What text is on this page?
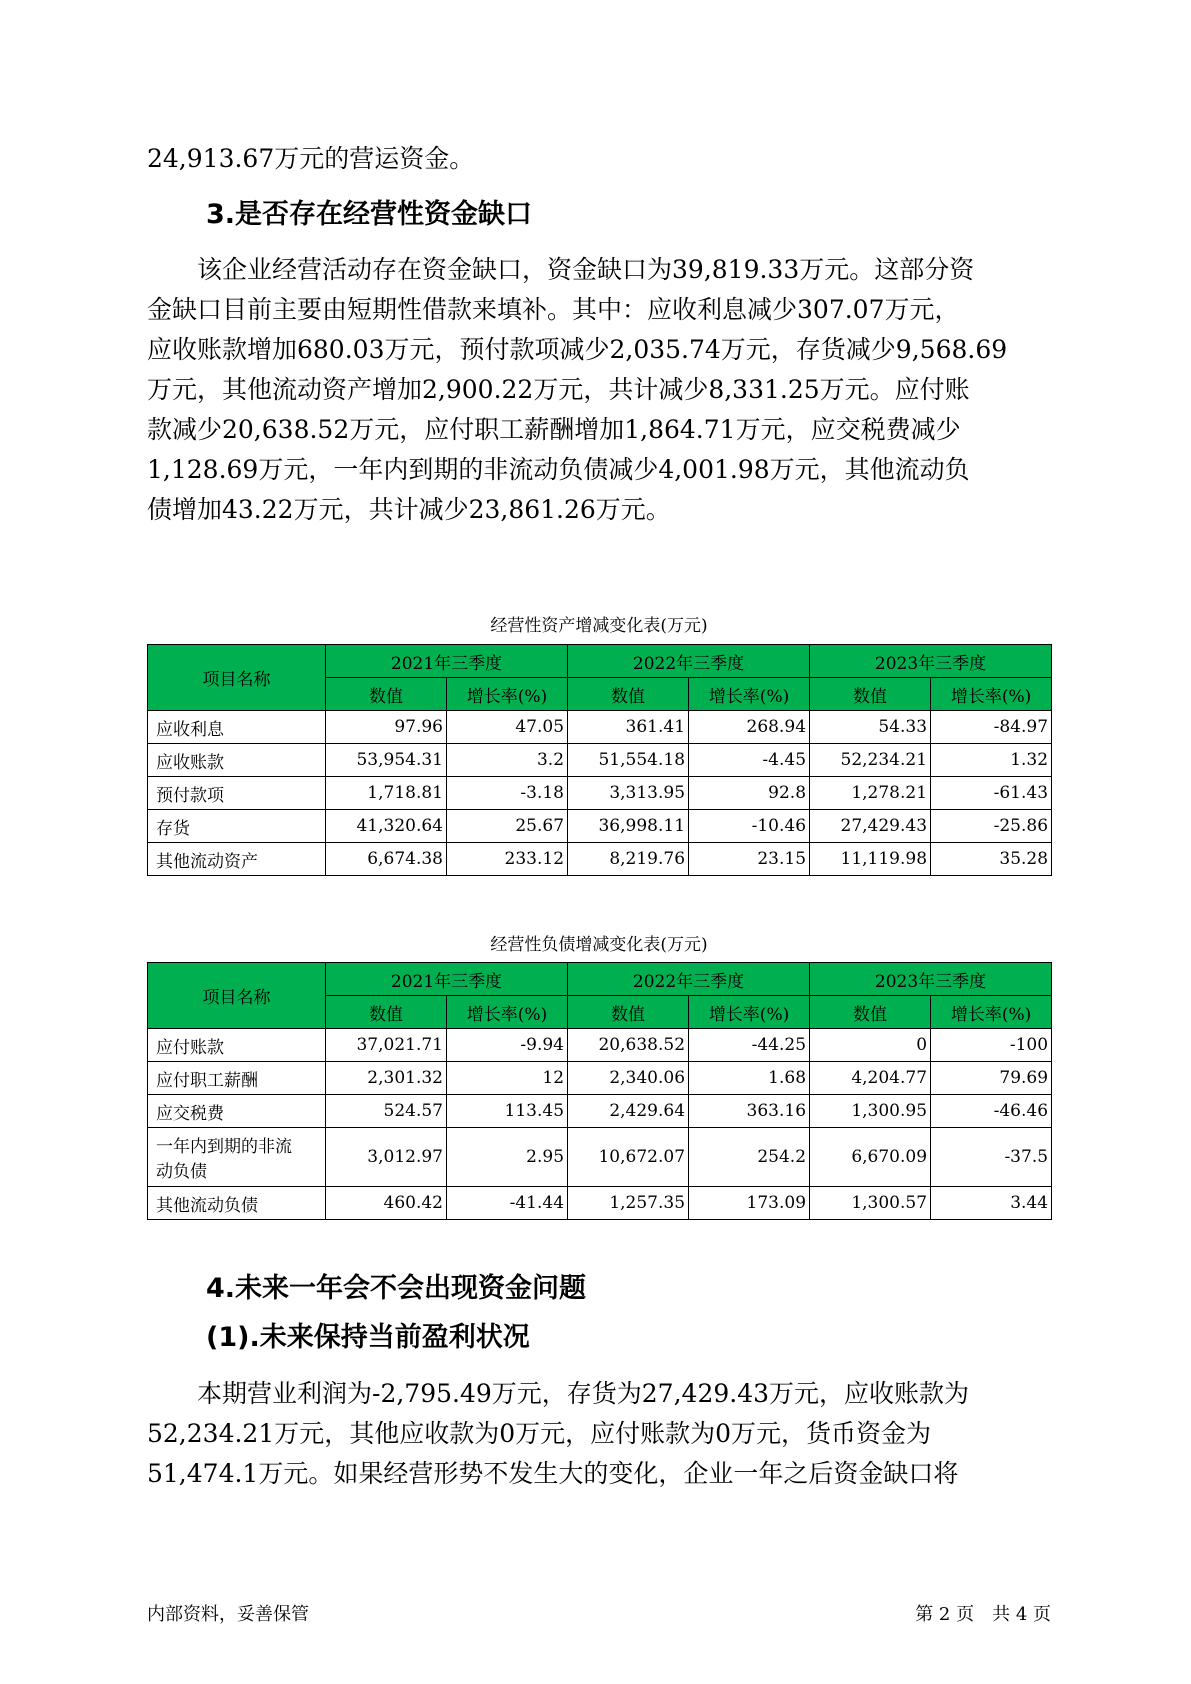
24,913.67万元的营运资金。
3.是否存在经营性资金缺口
　　该企业经营活动存在资金缺口，资金缺口为39,819.33万元。这部分资
金缺口目前主要由短期性借款来填补。其中：应收利息减少307.07万元，
应收账款增加680.03万元，预付款项减少2,035.74万元，存货减少9,568.69
万元，其他流动资产增加2,900.22万元，共计减少8,331.25万元。应付账
款减少20,638.52万元，应付职工薪酬增加1,864.71万元，应交税费减少
1,128.69万元，一年内到期的非流动负债减少4,001.98万元，其他流动负
债增加43.22万元，共计减少23,861.26万元。
经营性资产增减变化表(万元)
项目名称	2021年三季度		2022年三季度		2023年三季度	
	数值	增长率(%)	数值	增长率(%)	数值	增长率(%)
应收利息	97.96	47.05	361.41	268.94	54.33	-84.97
应收账款	53,954.31	3.2	51,554.18	-4.45	52,234.21	1.32
预付款项	1,718.81	-3.18	3,313.95	92.8	1,278.21	-61.43
存货	41,320.64	25.67	36,998.11	-10.46	27,429.43	-25.86
其他流动资产	6,674.38	233.12	8,219.76	23.15	11,119.98	35.28
经营性负债增减变化表(万元)
项目名称	2021年三季度		2022年三季度		2023年三季度	
	数值	增长率(%)	数值	增长率(%)	数值	增长率(%)
应付账款	37,021.71	-9.94	20,638.52	-44.25	0	-100
应付职工薪酬	2,301.32	12	2,340.06	1.68	4,204.77	79.69
应交税费	524.57	113.45	2,429.64	363.16	1,300.95	-46.46

一年内到期的非流
动负债	3,012.97	2.95	10,672.07	254.2	6,670.09	-37.5
其他流动负债	460.42	-41.44	1,257.35	173.09	1,300.57	3.44
4.未来一年会不会出现资金问题
(1).未来保持当前盈利状况
　　本期营业利润为-2,795.49万元，存货为27,429.43万元，应收账款为
52,234.21万元，其他应收款为0万元，应付账款为0万元，货币资金为
51,474.1万元。如果经营形势不发生大的变化，企业一年之后资金缺口将
内部资料，妥善保管	第 2 页　共 4 页
